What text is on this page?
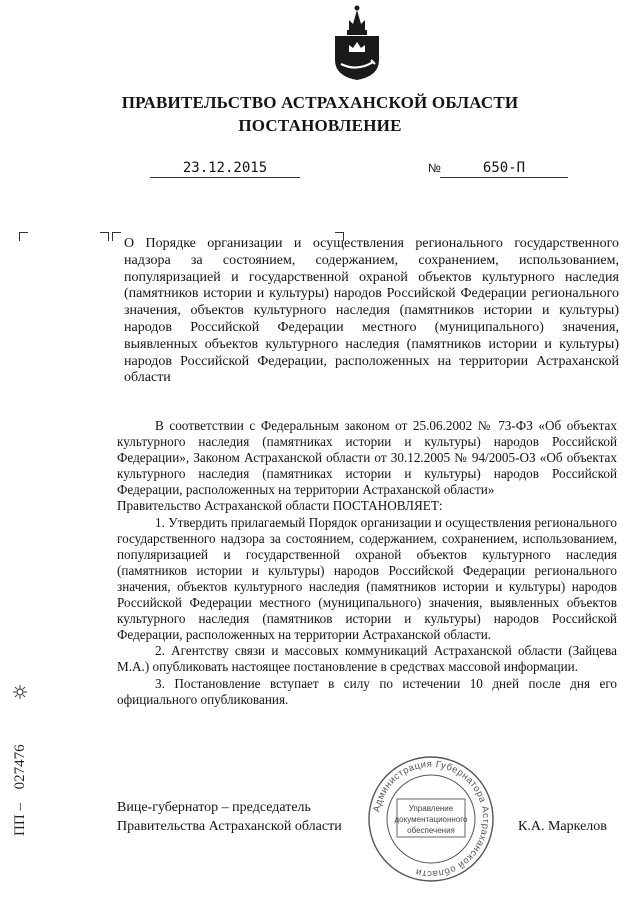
ПРАВИТЕЛЬСТВО АСТРАХАНСКОЙ ОБЛАСТИ
ПОСТАНОВЛЕНИЕ
23.12.2015	№	650-П
О Порядке организации и осуществления регионального государственного надзора за состоянием, содержанием, сохранением, использованием, популяризацией и государственной охраной объектов культурного наследия (памятников истории и культуры) народов Российской Федерации регионального значения, объектов культурного наследия (памятников истории и культуры) народов Российской Федерации местного (муниципального) значения, выявленных объектов культурного наследия (памятников истории и культуры) народов Российской Федерации, расположенных на территории Астраханской области

В соответствии с Федеральным законом от 25.06.2002 № 73-ФЗ «Об объектах культурного наследия (памятниках истории и культуры) народов Российской Федерации», Законом Астраханской области от 30.12.2005 № 94/2005-ОЗ «Об объектах культурного наследия (памятниках истории и культуры) народов Российской Федерации, расположенных на территории Астраханской области»

Правительство Астраханской области ПОСТАНОВЛЯЕТ:

1. Утвердить прилагаемый Порядок организации и осуществления регионального государственного надзора за состоянием, содержанием, сохранением, использованием, популяризацией и государственной охраной объектов культурного наследия (памятников истории и культуры) народов Российской Федерации регионального значения, объектов культурного наследия (памятников истории и культуры) народов Российской Федерации местного (муниципального) значения, выявленных объектов культурного наследия (памятников истории и культуры) народов Российской Федерации, расположенных на территории Астраханской области.

2. Агентству связи и массовых коммуникаций Астраханской области (Зайцева М.А.) опубликовать настоящее постановление в средствах массовой информации.

3. Постановление вступает в силу по истечении 10 дней после дня его официального опубликования.

ПП – 027476
Вице-губернатор – председатель
Правительства Астраханской области	К.А. Маркелов
Администрация Губернатора Астраханской области
Управление
документационного
обеспечения
